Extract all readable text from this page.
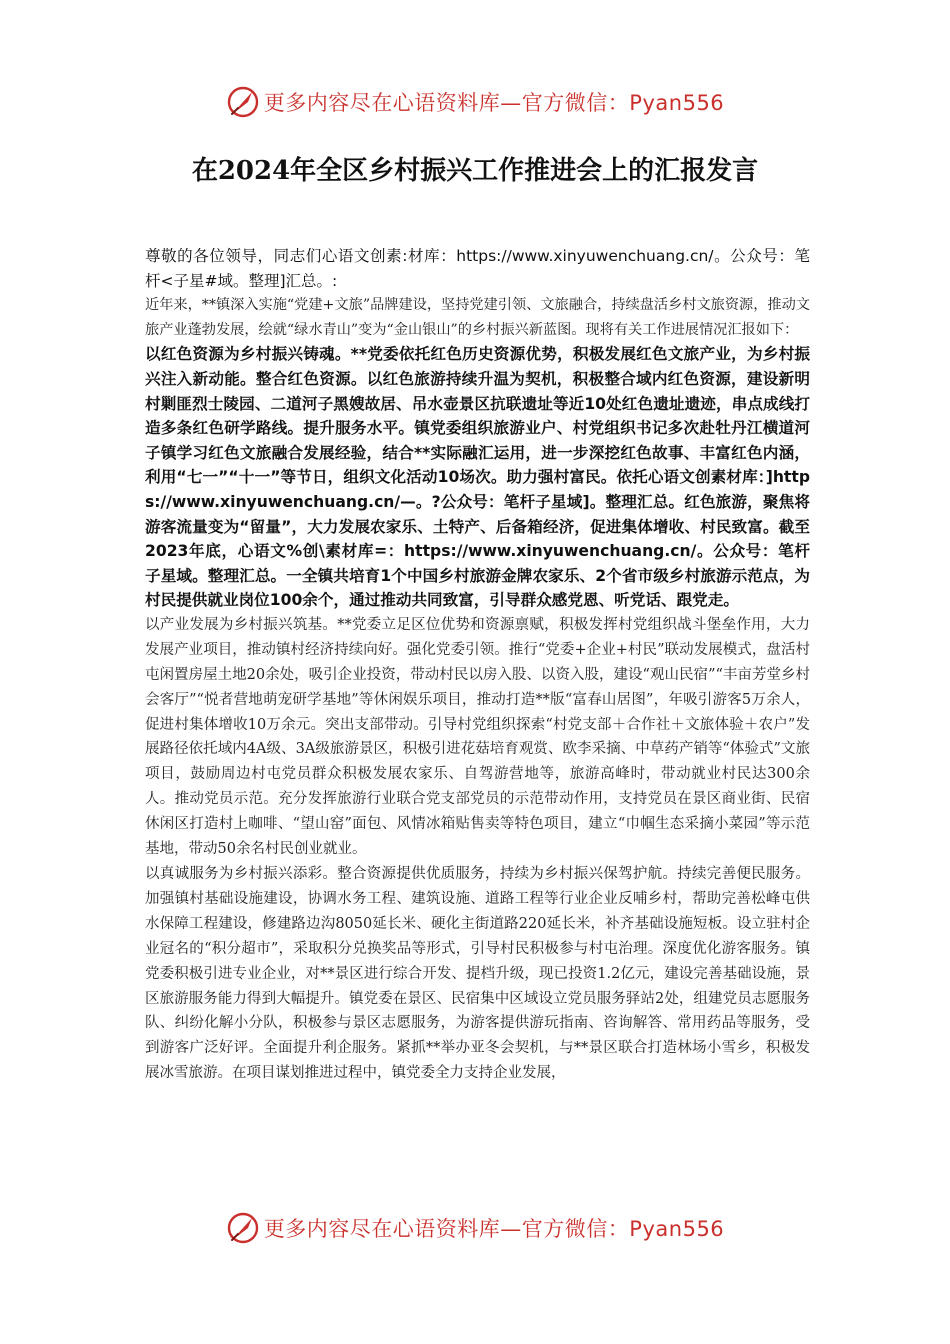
更多内容尽在心语资料库—官方微信：Pyan556
在2024年全区乡村振兴工作推进会上的汇报发言

尊敬的各位领导，同志们心语文创素:材库：https://www.xinyuwenchuang.cn/。公众号：笔杆<子星#域。整理]汇总。:

近年来，**镇深入实施“党建+文旅”品牌建设，坚持党建引领、文旅融合，持续盘活乡村文旅资源，推动文旅产业蓬勃发展，绘就“绿水青山”变为“金山银山”的乡村振兴新蓝图。现将有关工作进展情况汇报如下：

以红色资源为乡村振兴铸魂。**党委依托红色历史资源优势，积极发展红色文旅产业，为乡村振兴注入新动能。整合红色资源。以红色旅游持续升温为契机，积极整合域内红色资源，建设新明村剿匪烈士陵园、二道河子黑嫂故居、吊水壶景区抗联遗址等近10处红色遗址遗迹，串点成线打造多条红色研学路线。提升服务水平。镇党委组织旅游业户、村党组织书记多次赴牡丹江横道河子镇学习红色文旅融合发展经验，结合**实际融汇运用，进一步深挖红色故事、丰富红色内涵，利用“七一”“十一”等节日，组织文化活动10场次。助力强村富民。依托心语文创素材库：]https://www.xinyuwenchuang.cn/—。?公众号：笔杆子星域]。整理汇总。红色旅游，聚焦将游客流量变为“留量”，大力发展农家乐、土特产、后备箱经济，促进集体增收、村民致富。截至2023年底，心语文%创\素材库=：https://www.xinyuwenchuang.cn/。公众号：笔杆子星域。整理汇总。一全镇共培育1个中国乡村旅游金牌农家乐、2个省市级乡村旅游示范点，为村民提供就业岗位100余个，通过推动共同致富，引导群众感党恩、听党话、跟党走。

以产业发展为乡村振兴筑基。**党委立足区位优势和资源禀赋，积极发挥村党组织战斗堡垒作用，大力发展产业项目，推动镇村经济持续向好。强化党委引领。推行“党委+企业+村民”联动发展模式，盘活村屯闲置房屋土地20余处，吸引企业投资，带动村民以房入股、以资入股，建设“观山民宿”“丰亩芳堂乡村会客厅”“悦者营地萌宠研学基地”等休闲娱乐项目，推动打造**版“富春山居图”，年吸引游客5万余人，促进村集体增收10万余元。突出支部带动。引导村党组织探索“村党支部＋合作社＋文旅体验＋农户”发展路径依托域内4A级、3A级旅游景区，积极引进花菇培育观赏、欧李采摘、中草药产销等“体验式”文旅项目，鼓励周边村屯党员群众积极发展农家乐、自驾游营地等，旅游高峰时，带动就业村民达300余人。推动党员示范。充分发挥旅游行业联合党支部党员的示范带动作用，支持党员在景区商业街、民宿休闲区打造村上咖啡、“望山窑”面包、风情冰箱贴售卖等特色项目，建立“巾帼生态采摘小菜园”等示范基地，带动50余名村民创业就业。

以真诚服务为乡村振兴添彩。整合资源提供优质服务，持续为乡村振兴保驾护航。持续完善便民服务。加强镇村基础设施建设，协调水务工程、建筑设施、道路工程等行业企业反哺乡村，帮助完善松峰屯供水保障工程建设，修建路边沟8050延长米、硬化主街道路220延长米，补齐基础设施短板。设立驻村企业冠名的“积分超市”，采取积分兑换奖品等形式，引导村民积极参与村屯治理。深度优化游客服务。镇党委积极引进专业企业，对**景区进行综合开发、提档升级，现已投资1.2亿元，建设完善基础设施，景区旅游服务能力得到大幅提升。镇党委在景区、民宿集中区域设立党员服务驿站2处，组建党员志愿服务队、纠纷化解小分队，积极参与景区志愿服务，为游客提供游玩指南、咨询解答、常用药品等服务，受到游客广泛好评。全面提升利企服务。紧抓**举办亚冬会契机，与**景区联合打造林场小雪乡，积极发展冰雪旅游。在项目谋划推进过程中，镇党委全力支持企业发展，

更多内容尽在心语资料库—官方微信：Pyan556
